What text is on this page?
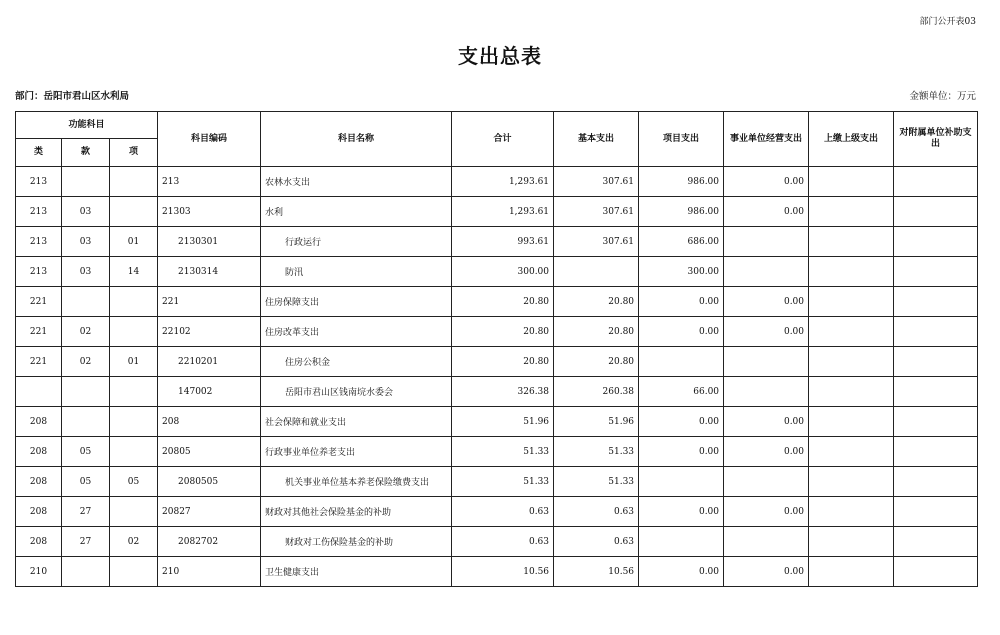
部门公开表03
支出总表
部门：岳阳市君山区水利局	金额单位：万元
功能科目			科目编码	科目名称	合计	基本支出	项目支出	事业单位经营支出	上缴上级支出	对附属单位补助支出
类	款	项								
213			213	农林水支出	1,293.61	307.61	986.00	0.00		
213	03		21303	水利	1,293.61	307.61	986.00	0.00		
213	03	01	2130301	行政运行	993.61	307.61	686.00			
213	03	14	2130314	防汛	300.00		300.00			
221			221	住房保障支出	20.80	20.80	0.00	0.00		
221	02		22102	住房改革支出	20.80	20.80	0.00	0.00		
221	02	01	2210201	住房公积金	20.80	20.80				
			147002	岳阳市君山区钱南垸水委会	326.38	260.38	66.00			
208			208	社会保障和就业支出	51.96	51.96	0.00	0.00		
208	05		20805	行政事业单位养老支出	51.33	51.33	0.00	0.00		
208	05	05	2080505	机关事业单位基本养老保险缴费支出	51.33	51.33				
208	27		20827	财政对其他社会保险基金的补助	0.63	0.63	0.00	0.00		
208	27	02	2082702	财政对工伤保险基金的补助	0.63	0.63				
210			210	卫生健康支出	10.56	10.56	0.00	0.00		
